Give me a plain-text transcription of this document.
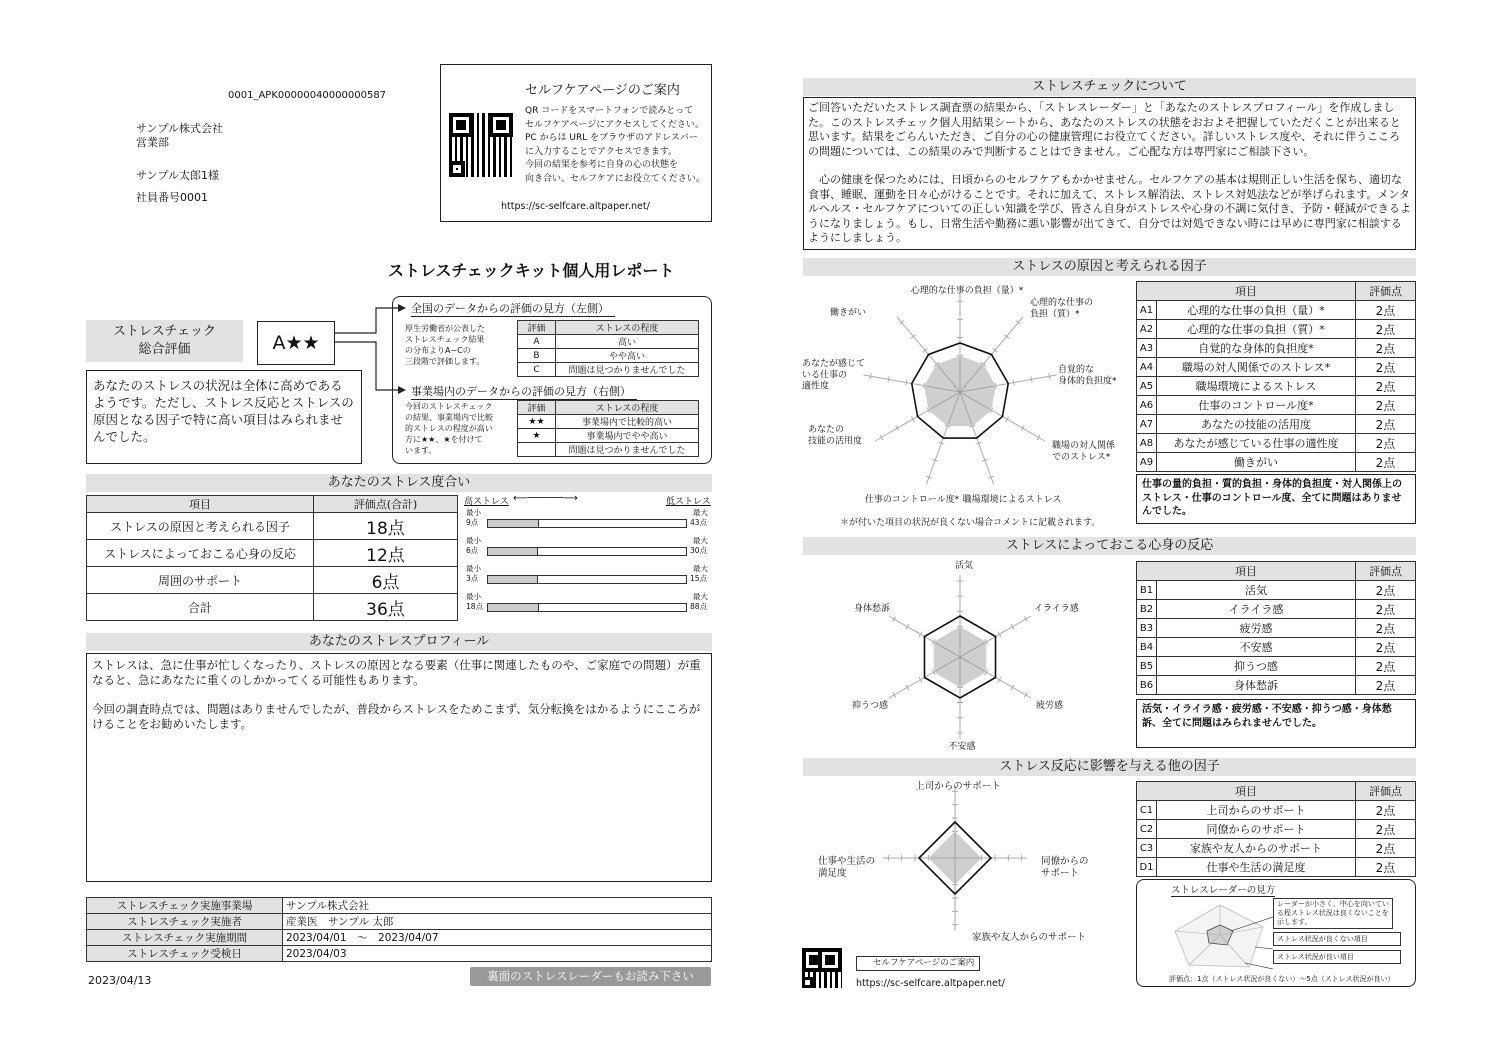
0001_APK00000040000000587
サンプル株式会社
営業部
サンプル太郎1様
社員番号0001
セルフケアページのご案内
QR コードをスマートフォンで読みとって
セルフケアページにアクセスしてください。
PC からは URL をブラウザのアドレスバー
に入力することでアクセスできます。
今回の結果を参考に自身の心の状態を
向き合い、セルフケアにお役立てください。
https://sc-selfcare.altpaper.net/
ストレスチェックキット個人用レポート
ストレスチェック
総合評価	A★★
あなたのストレスの状況は全体に高めであるようです。ただし、ストレス反応とストレスの原因となる因子で特に高い項目はみられませんでした。
全国のデータからの評価の見方（左側）
厚生労働省が公表した
ストレスチェック結果
の分布よりA~Cの
三段階で評価します。
評価	ストレスの程度
A	高い
B	やや高い
C	問題は見つかりませんでした
事業場内のデータからの評価の見方（右側）
今回のストレスチェック
の結果、事業場内で比較
的ストレスの程度が高い
方に★★、★を付けて
います。
評価	ストレスの程度
★★	事業場内で比較的高い
★	事業場内でやや高い
	問題は見つかりませんでした
あなたのストレス度合い
項目	評価点(合計)
ストレスの原因と考えられる因子	18点
ストレスによっておこる心身の反応	12点
周囲のサポート	6点
合計	36点
高ストレス ⟵──────⟶	低ストレス
最小
9点
最大
43点
最小
6点
最大
30点
最小
3点
最大
15点
最小
18点
最大
88点
あなたのストレスプロフィール
ストレスは、急に仕事が忙しくなったり、ストレスの原因となる要素（仕事に関連したものや、ご家庭での問題）が重なると、急にあなたに重くのしかかってくる可能性もあります。
今回の調査時点では、問題はありませんでしたが、普段からストレスをためこまず、気分転換をはかるようにこころがけることをお勧めいたします。
ストレスチェック実施事業場	サンプル株式会社
ストレスチェック実施者	産業医　サンプル 太郎
ストレスチェック実施期間	2023/04/01　～　2023/04/07
ストレスチェック受検日	2023/04/03
2023/04/13	裏面のストレスレーダーもお読み下さい
ストレスチェックについて
ご回答いただいたストレス調査票の結果から、「ストレスレーダー」と「あなたのストレスプロフィール」を作成しました。このストレスチェック個人用結果シートから、あなたのストレスの状態をおおよそ把握していただくことが出来ると思います。結果をごらんいただき、ご自分の心の健康管理にお役立てください。詳しいストレス度や、それに伴うこころの問題については、この結果のみで判断することはできません。ご心配な方は専門家にご相談下さい。
心の健康を保つためには、日頃からのセルフケアもかかせません。セルフケアの基本は規則正しい生活を保ち、適切な食事、睡眠、運動を日々心がけることです。それに加えて、ストレス解消法、ストレス対処法などが挙げられます。メンタルヘルス・セルフケアについての正しい知識を学び、皆さん自身がストレスや心身の不調に気付き、予防・軽減ができるようになりましょう。もし、日常生活や勤務に悪い影響が出てきて、自分では対処できない時には早めに専門家に相談するようにしましょう。
ストレスの原因と考えられる因子
心理的な仕事の負担（量）*
心理的な仕事の負担（質）*
自覚的な身体的負担度*
職場の対人関係でのストレス*
職場環境によるストレス
仕事のコントロール度*
あなたの技能の活用度
あなたが感じている仕事の適性度
働きがい
項目		評価点
A1	心理的な仕事の負担（量）*	2点
A2	心理的な仕事の負担（質）*	2点
A3	自覚的な身体的負担度*	2点
A4	職場の対人関係でのストレス*	2点
A5	職場環境によるストレス	2点
A6	仕事のコントロール度*	2点
A7	あなたの技能の活用度	2点
A8	あなたが感じている仕事の適性度	2点
A9	働きがい	2点
仕事の量的負担・質的負担・身体的負担度・対人関係上のストレス・仕事のコントロール度、全てに問題はありませんでした。
＊が付いた項目の状況が良くない場合コメントに記載されます。
ストレスによっておこる心身の反応
活気
イライラ感
疲労感
不安感
抑うつ感
身体愁訴
項目		評価点
B1	活気	2点
B2	イライラ感	2点
B3	疲労感	2点
B4	不安感	2点
B5	抑うつ感	2点
B6	身体愁訴	2点
活気・イライラ感・疲労感・不安感・抑うつ感・身体愁訴、全てに問題はみられませんでした。
ストレス反応に影響を与える他の因子
上司からのサポート
同僚からのサポート
家族や友人からのサポート
仕事や生活の満足度
項目		評価点
C1	上司からのサポート	2点
C2	同僚からのサポート	2点
C3	家族や友人からのサポート	2点
D1	仕事や生活の満足度	2点
ストレスレーダーの見方
レーダーが小さく、中心を向いている程ストレス状況は良くないことを示します。
ストレス状況が良くない項目
ストレス状況が良い項目
評価点：1点（ストレス状況が良くない）～5点（ストレス状況が良い）
セルフケアページのご案内
https://sc-selfcare.altpaper.net/
